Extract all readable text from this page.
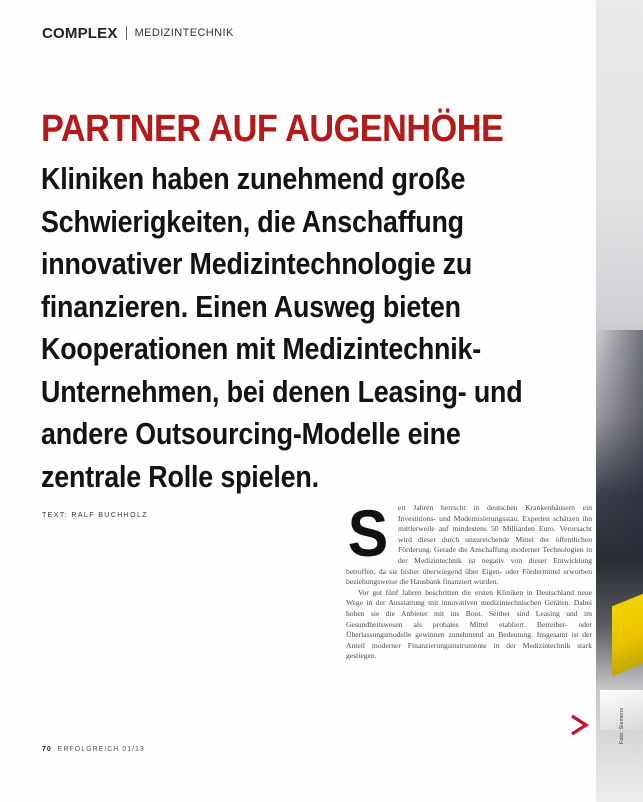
Foto: Siemens
COMPLEX MEDIZINTECHNIK
PARTNER AUF AUGENHÖHE

Kliniken haben zunehmend große Schwierigkeiten, die Anschaffung innovativer Medizintechnologie zu finanzieren. Einen Ausweg bieten Kooperationen mit Medizintechnik-Unternehmen, bei denen Leasing- und andere Outsourcing-Modelle eine zentrale Rolle spielen.

TEXT: RALF BUCHHOLZ	S eit Jahren herrscht in deutschen Krankenhäusern ein Investitions- und Modernisierungsstau. Experten schätzen ihn mittlerweile auf mindestens 50 Milliarden Euro. Verursacht wird dieser durch unzureichende Mittel der öffentlichen Förderung. Gerade die Anschaffung moderner Technologien in der Medizintechnik ist negativ von dieser Entwicklung betroffen, da sie bisher überwiegend über Eigen- oder Fördermittel erworben beziehungsweise die Hausbank finanziert wurden.

Vor gut fünf Jahren beschritten die ersten Kliniken in Deutschland neue Wege in der Ausstattung mit innovativen medizintechnischen Geräten. Dabei hoben sie die Anbieter mit ins Boot. Seither sind Leasing und im Gesundheitswesen als probates Mittel etabliert. Betreiber- oder Überlassungsmodelle gewinnen zunehmend an Bedeutung. Insgesamt ist der Anteil moderner Finanzierungsinstrumente in der Medizintechnik stark gestiegen.

70 ERFOLGREICH 01/13
